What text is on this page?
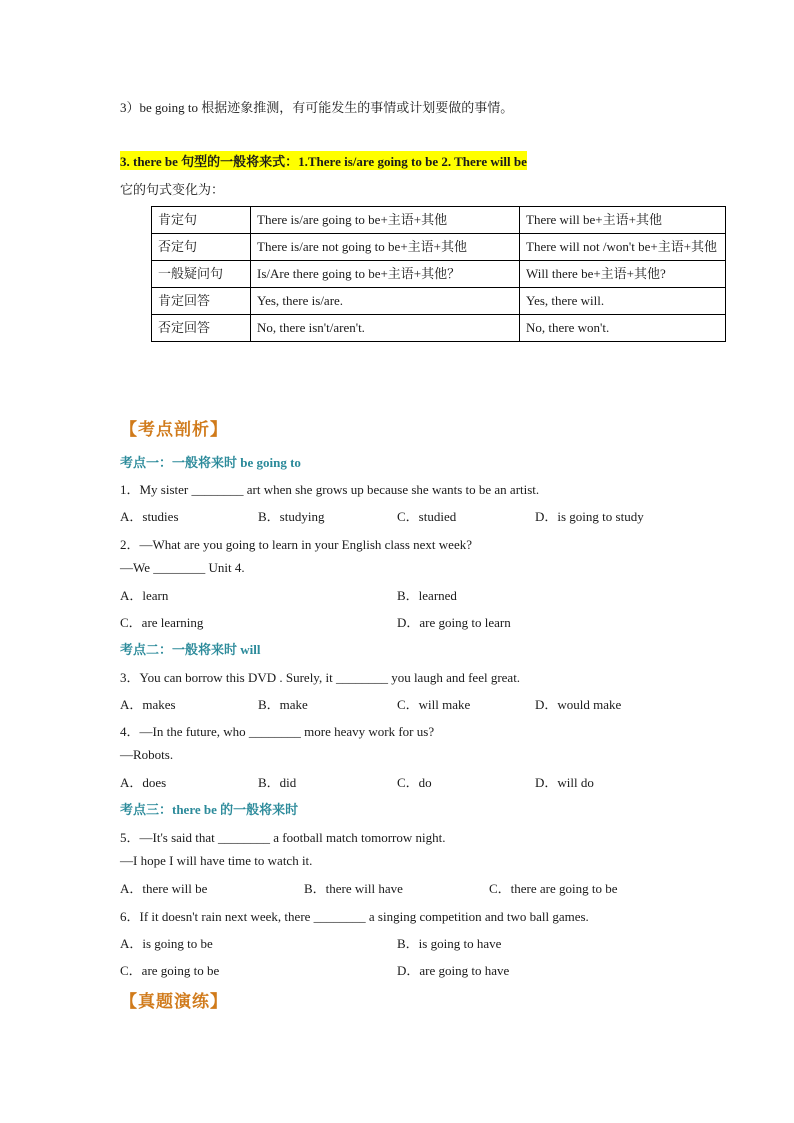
3）be going to 根据迹象推测，有可能发生的事情或计划要做的事情。
3. there be 句型的一般将来式：1.There is/are going to be 2. There will be
它的句式变化为：
肯定句	There is/are going to be+主语+其他	There will be+主语+其他
否定句	There is/are not going to be+主语+其他	There will not /won't be+主语+其他
一般疑问句	Is/Are there going to be+主语+其他？	Will there be+主语+其他?
肯定回答	Yes, there is/are.	Yes, there will.
否定回答	No, there isn't/aren't.	No, there won't.
【考点剖析】
考点一：一般将来时 be going to
1．My sister ________ art when she grows up because she wants to be an artist.
A．studies	B．studying	C．studied	D．is going to study
2．—What are you going to learn in your English class next week?
—We ________ Unit 4.
A．learn	B．learned
C．are learning	D．are going to learn
考点二：一般将来时 will
3．You can borrow this DVD . Surely, it ________ you laugh and feel great.
A．makes	B．make	C．will make	D．would make
4．—In the future, who ________ more heavy work for us?
—Robots.
A．does	B．did	C．do	D．will do
考点三：there be 的一般将来时
5．—It's said that ________ a football match tomorrow night.
—I hope I will have time to watch it.
A．there will be	B．there will have	C．there are going to be
6．If it doesn't rain next week, there ________ a singing competition and two ball games.
A．is going to be	B．is going to have
C．are going to be	D．are going to have
【真题演练】
